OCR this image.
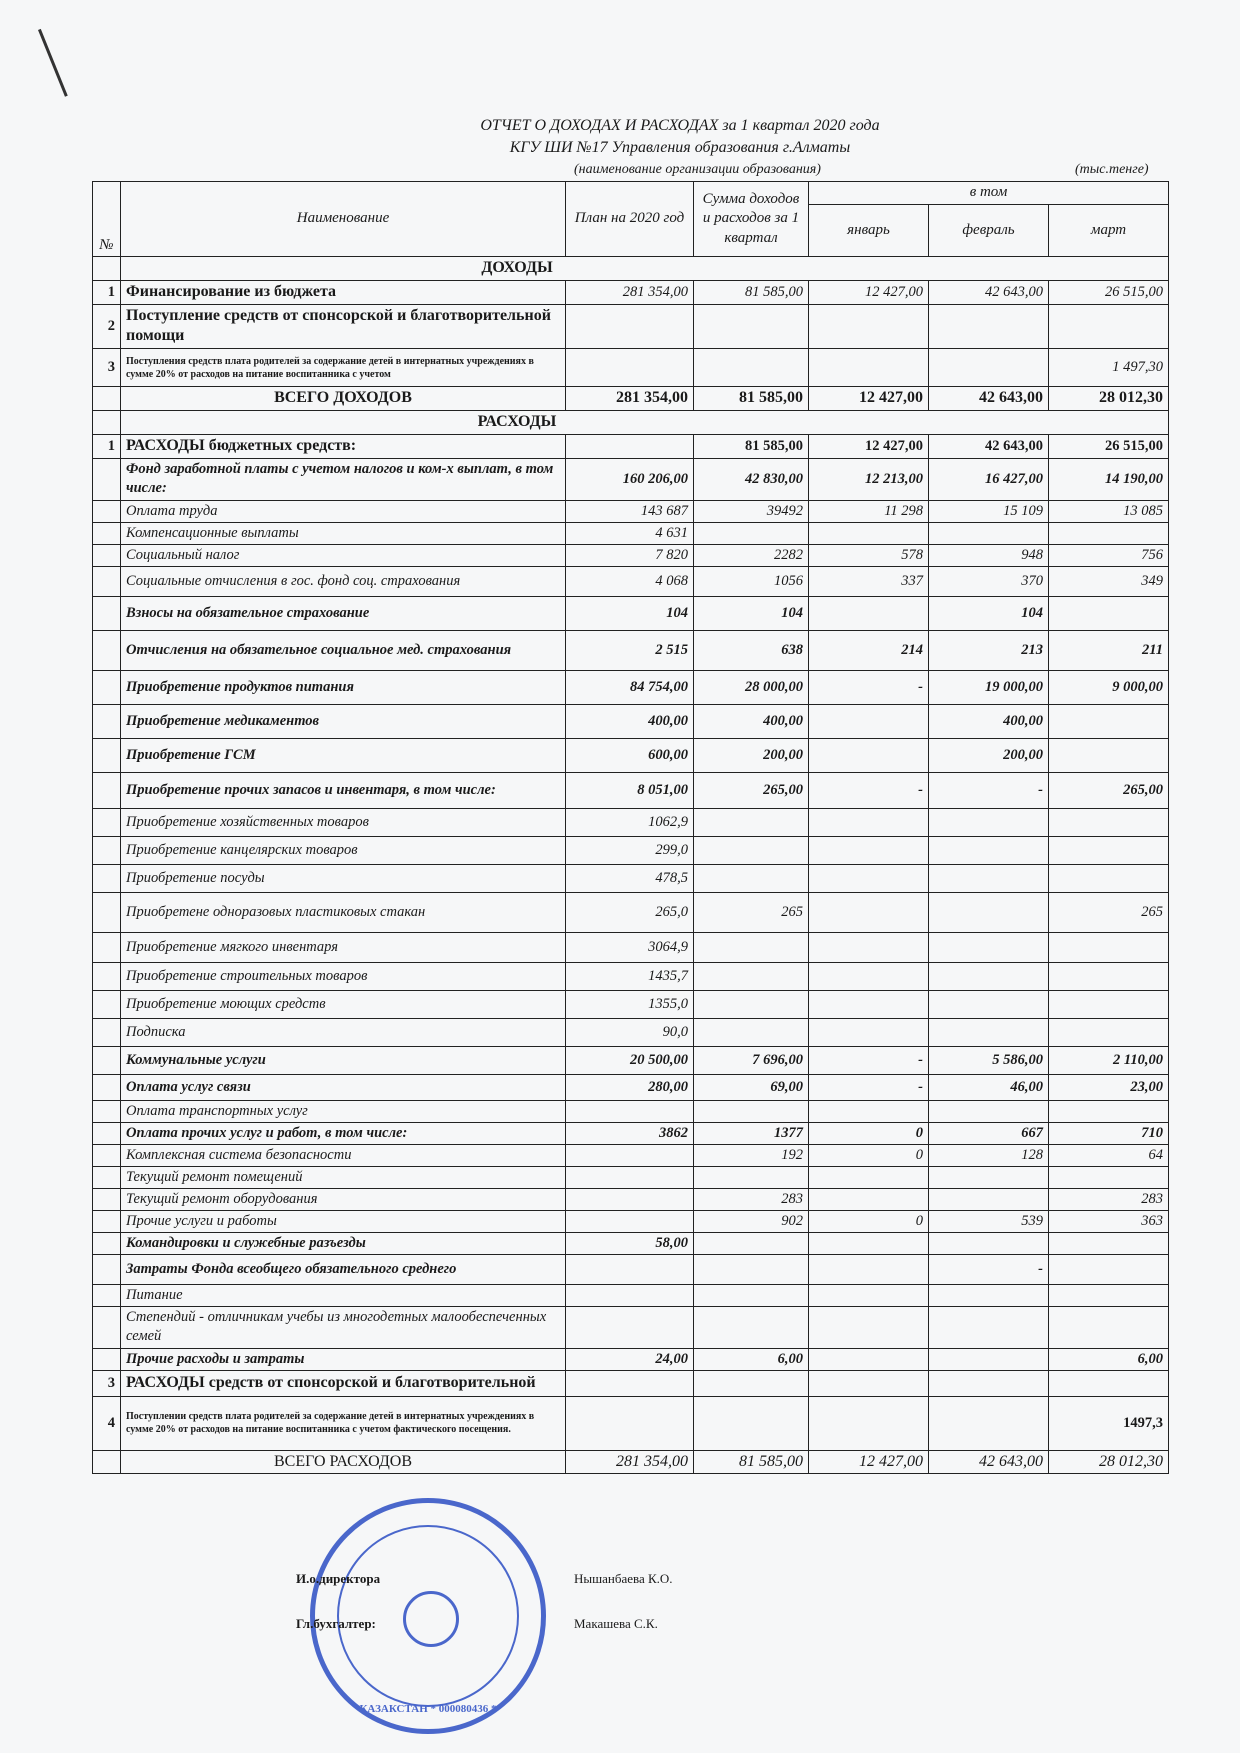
ОТЧЕТ О ДОХОДАХ И РАСХОДАХ за 1 квартал 2020 года
КГУ ШИ №17 Управления образования г.Алматы
(наименование организации образования)	(тыс.тенге)
№	Наименование	План на 2020 год	Сумма доходов и расходов за 1 квартал	в том		
				январь	февраль	март
	ДОХОДЫ					
1	Финансирование из бюджета	281 354,00	81 585,00	12 427,00	42 643,00	26 515,00
2	Поступление средств от спонсорской и благотворительной помощи					
3	Поступления средств плата родителей за содержание детей в интернатных учреждениях в сумме 20% от расходов на питание воспитанника с учетом					1 497,30
	ВСЕГО ДОХОДОВ	281 354,00	81 585,00	12 427,00	42 643,00	28 012,30
	РАСХОДЫ					
1	РАСХОДЫ бюджетных средств:		81 585,00	12 427,00	42 643,00	26 515,00
	Фонд заработной платы с учетом налогов и ком-х выплат, в том числе:	160 206,00	42 830,00	12 213,00	16 427,00	14 190,00
	Оплата труда	143 687	39492	11 298	15 109	13 085
	Компенсационные выплаты	4 631				
	Социальный налог	7 820	2282	578	948	756
	Социальные отчисления в гос. фонд соц. страхования	4 068	1056	337	370	349
	Взносы на обязательное страхование	104	104		104	
	Отчисления на обязательное социальное мед. страхования	2 515	638	214	213	211
	Приобретение продуктов питания	84 754,00	28 000,00	-	19 000,00	9 000,00
	Приобретение медикаментов	400,00	400,00		400,00	
	Приобретение ГСМ	600,00	200,00		200,00	
	Приобретение прочих запасов и инвентаря, в том числе:	8 051,00	265,00	-	-	265,00
	Приобретение хозяйственных товаров	1062,9				
	Приобретение канцелярских товаров	299,0				
	Приобретение посуды	478,5				
	Приобретене одноразовых пластиковых стакан	265,0	265			265
	Приобретение мягкого инвентаря	3064,9				
	Приобретение строительных товаров	1435,7				
	Приобретение моющих средств	1355,0				
	Подписка	90,0				
	Коммунальные услуги	20 500,00	7 696,00	-	5 586,00	2 110,00
	Оплата услуг связи	280,00	69,00	-	46,00	23,00
	Оплата транспортных услуг					
	Оплата прочих услуг и работ, в том числе:	3862	1377	0	667	710
	Комплексная система безопасности		192	0	128	64
	Текущий ремонт помещений					
	Текущий ремонт оборудования		283			283
	Прочие услуги и работы		902	0	539	363
	Командировки и служебные разъезды	58,00				
	Затраты Фонда всеобщего обязательного среднего				-	
	Питание					
	Степендий - отличникам учебы из многодетных малообеспеченных семей					
	Прочие расходы и затраты	24,00	6,00			6,00
3	РАСХОДЫ средств от спонсорской и благотворительной					
4	Поступлении средств плата родителей за содержание детей в интернатных учреждениях в сумме 20% от расходов на питание воспитанника с учетом фактического посещения.					1497,3
	ВСЕГО РАСХОДОВ	281 354,00	81 585,00	12 427,00	42 643,00	28 012,30
КАЗАКСТАН * 000080436 *
И.о.директора	Нышанбаева К.О.
Гл.бухгалтер:	Макашева С.К.
